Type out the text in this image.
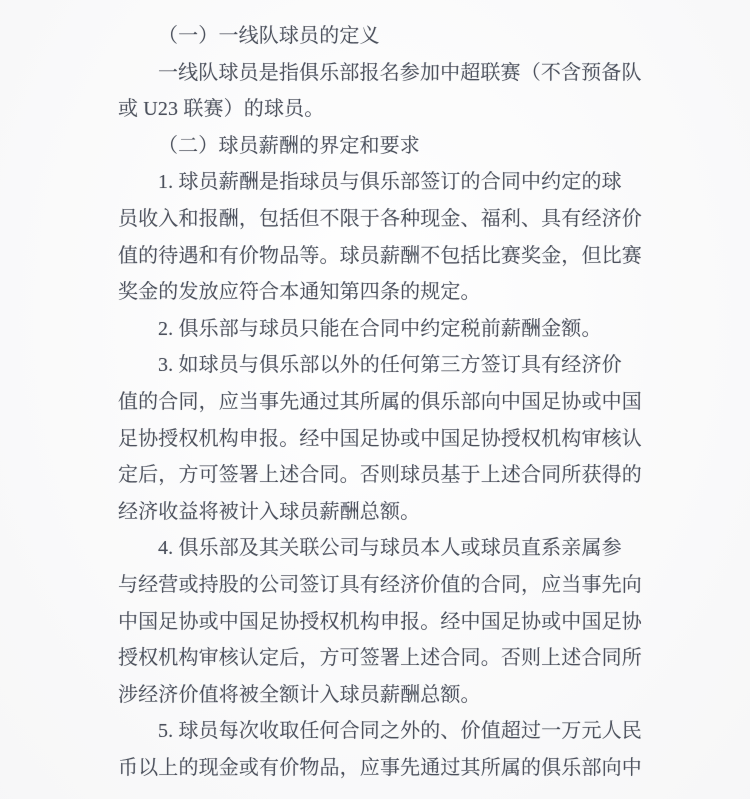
（一）一线队球员的定义

一线队球员是指俱乐部报名参加中超联赛（不含预备队

或 U23 联赛）的球员。

（二）球员薪酬的界定和要求

1. 球员薪酬是指球员与俱乐部签订的合同中约定的球

员收入和报酬，包括但不限于各种现金、福利、具有经济价

值的待遇和有价物品等。球员薪酬不包括比赛奖金，但比赛

奖金的发放应符合本通知第四条的规定。

2. 俱乐部与球员只能在合同中约定税前薪酬金额。

3. 如球员与俱乐部以外的任何第三方签订具有经济价

值的合同，应当事先通过其所属的俱乐部向中国足协或中国

足协授权机构申报。经中国足协或中国足协授权机构审核认

定后，方可签署上述合同。否则球员基于上述合同所获得的

经济收益将被计入球员薪酬总额。

4. 俱乐部及其关联公司与球员本人或球员直系亲属参

与经营或持股的公司签订具有经济价值的合同，应当事先向

中国足协或中国足协授权机构申报。经中国足协或中国足协

授权机构审核认定后，方可签署上述合同。否则上述合同所

涉经济价值将被全额计入球员薪酬总额。

5. 球员每次收取任何合同之外的、价值超过一万元人民

币以上的现金或有价物品，应事先通过其所属的俱乐部向中
